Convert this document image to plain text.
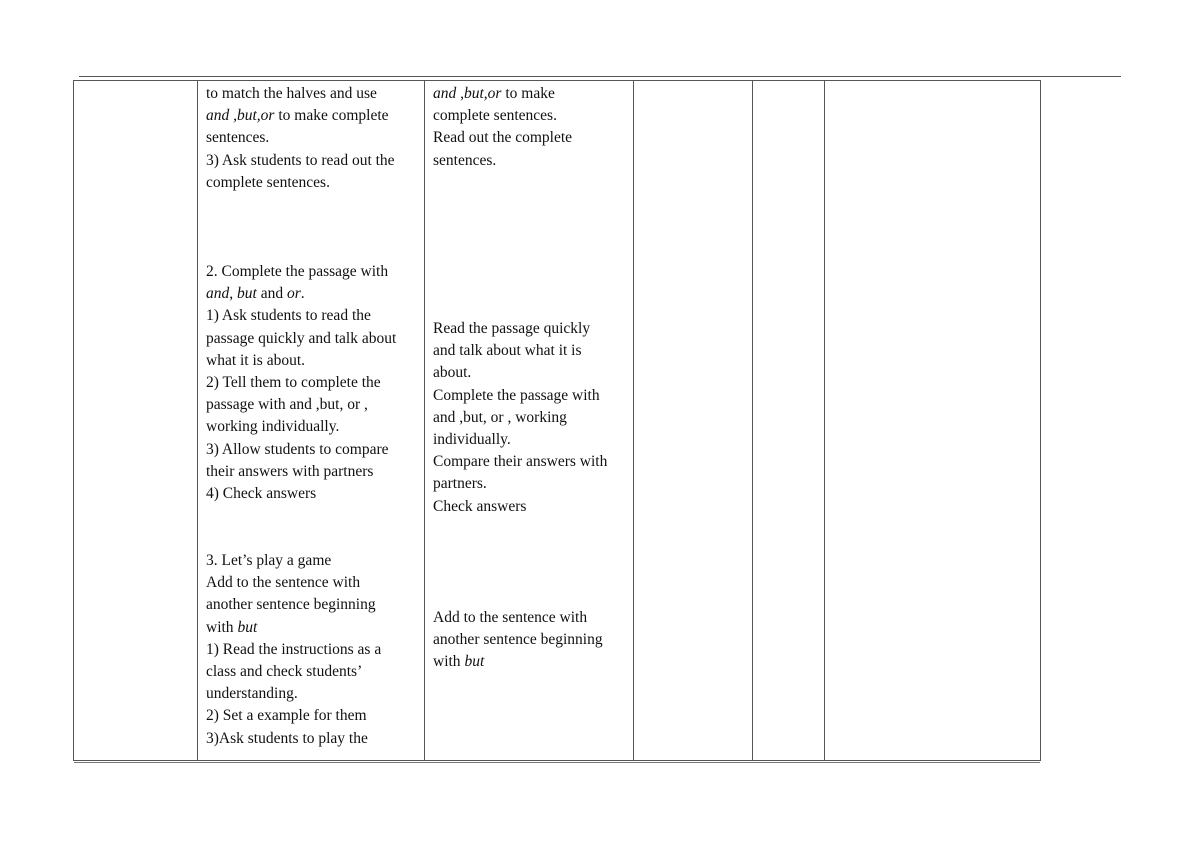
to match the halves and use
and ,but,or to make complete
sentences.
3) Ask students to read out the
complete sentences.
2. Complete the passage with
and, but and or.
1) Ask students to read the
passage quickly and talk about
what it is about.
2) Tell them to complete the
passage with and ,but, or ,
working individually.
3) Allow students to compare
their answers with partners
4) Check answers
3. Let’s play a game
Add to the sentence with
another sentence beginning
with but
1) Read the instructions as a
class and check students’
understanding.
2) Set a example for them
3)Ask students to play the
and ,but,or to make
complete sentences.
Read out the complete
sentences.
Read the passage quickly
and talk about what it is
about.
Complete the passage with
and ,but, or , working
individually.
Compare their answers with
partners.
Check answers
Add to the sentence with
another sentence beginning
with but
